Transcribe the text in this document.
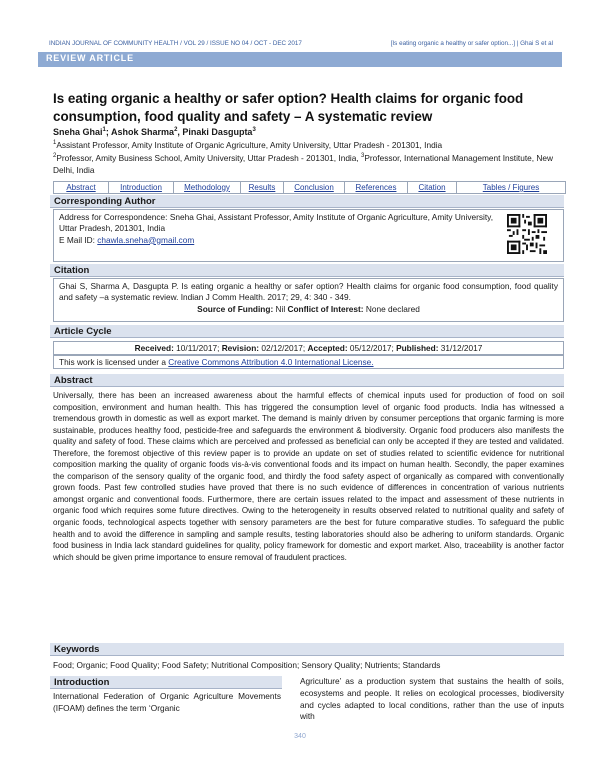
INDIAN JOURNAL OF COMMUNITY HEALTH / VOL 29 / ISSUE NO 04 / OCT - DEC 2017	[Is eating organic a healthy or safer option...] | Ghai S et al
REVIEW ARTICLE
Is eating organic a healthy or safer option? Health claims for organic food consumption, food quality and safety – A systematic review
Sneha Ghai$^1$; Ashok Sharma$^2$, Pinaki Dasgupta$^3$
$^1$Assistant Professor, Amity Institute of Organic Agriculture, Amity University, Uttar Pradesh - 201301, India
$^2$Professor, Amity Business School, Amity University, Uttar Pradesh - 201301, India, $^3$Professor, International Management Institute, New Delhi, India
Abstract	Introduction	Methodology	Results	Conclusion	References	Citation	Tables / Figures
Corresponding Author
Address for Correspondence: Sneha Ghai, Assistant Professor, Amity Institute of Organic Agriculture, Amity University, Uttar Pradesh, 201301, India
E Mail ID: chawla.sneha@gmail.com
Citation
Ghai S, Sharma A, Dasgupta P. Is eating organic a healthy or safer option? Health claims for organic food consumption, food quality and safety –a systematic review. Indian J Comm Health. 2017; 29, 4: 340 - 349.
Source of Funding: Nil Conflict of Interest: None declared
Article Cycle
Received: 10/11/2017; Revision: 02/12/2017; Accepted: 05/12/2017; Published: 31/12/2017
This work is licensed under a Creative Commons Attribution 4.0 International License.
Abstract
Universally, there has been an increased awareness about the harmful effects of chemical inputs used for production of food on soil composition, environment and human health. This has triggered the consumption level of organic food products. India has witnessed a tremendous growth in domestic as well as export market. The demand is mainly driven by consumer perceptions that organic farming is more sustainable, produces healthy food, pesticide-free and safeguards the environment & biodiversity. Organic food producers also manifests the quality and safety of food. These claims which are perceived and professed as beneficial can only be accepted if they are tested and validated. Therefore, the foremost objective of this review paper is to provide an update on set of studies related to scientific evidence for nutritional composition marking the quality of organic foods vis-à-vis conventional foods and its impact on human health. Secondly, the paper examines the comparison of the sensory quality of the organic food, and thirdly the food safety aspect of organically as compared with conventionally grown foods. Past few controlled studies have proved that there is no such evidence of differences in concentration of various nutrients amongst organic and conventional foods. Furthermore, there are certain issues related to the impact and assessment of these nutrients in organic food which requires some future directives. Owing to the heterogeneity in results observed related to nutritional quality and safety of organic foods, technological aspects together with sensory parameters are the best for future comparative studies. To safeguard the public health and to avoid the difference in sampling and sample results, testing laboratories should also be adhering to uniform standards. Organic food business in India lack standard guidelines for quality, policy framework for domestic and export market. Also, traceability is another factor which should be given prime importance to ensure removal of fraudulent practices.
Keywords
Food; Organic; Food Quality; Food Safety; Nutritional Composition; Sensory Quality; Nutrients; Standards
Introduction
International Federation of Organic Agriculture Movements (IFOAM) defines the term ‘Organic
Agriculture’ as a production system that sustains the health of soils, ecosystems and people. It relies on ecological processes, biodiversity and cycles adapted to local conditions, rather than the use of inputs with
340
